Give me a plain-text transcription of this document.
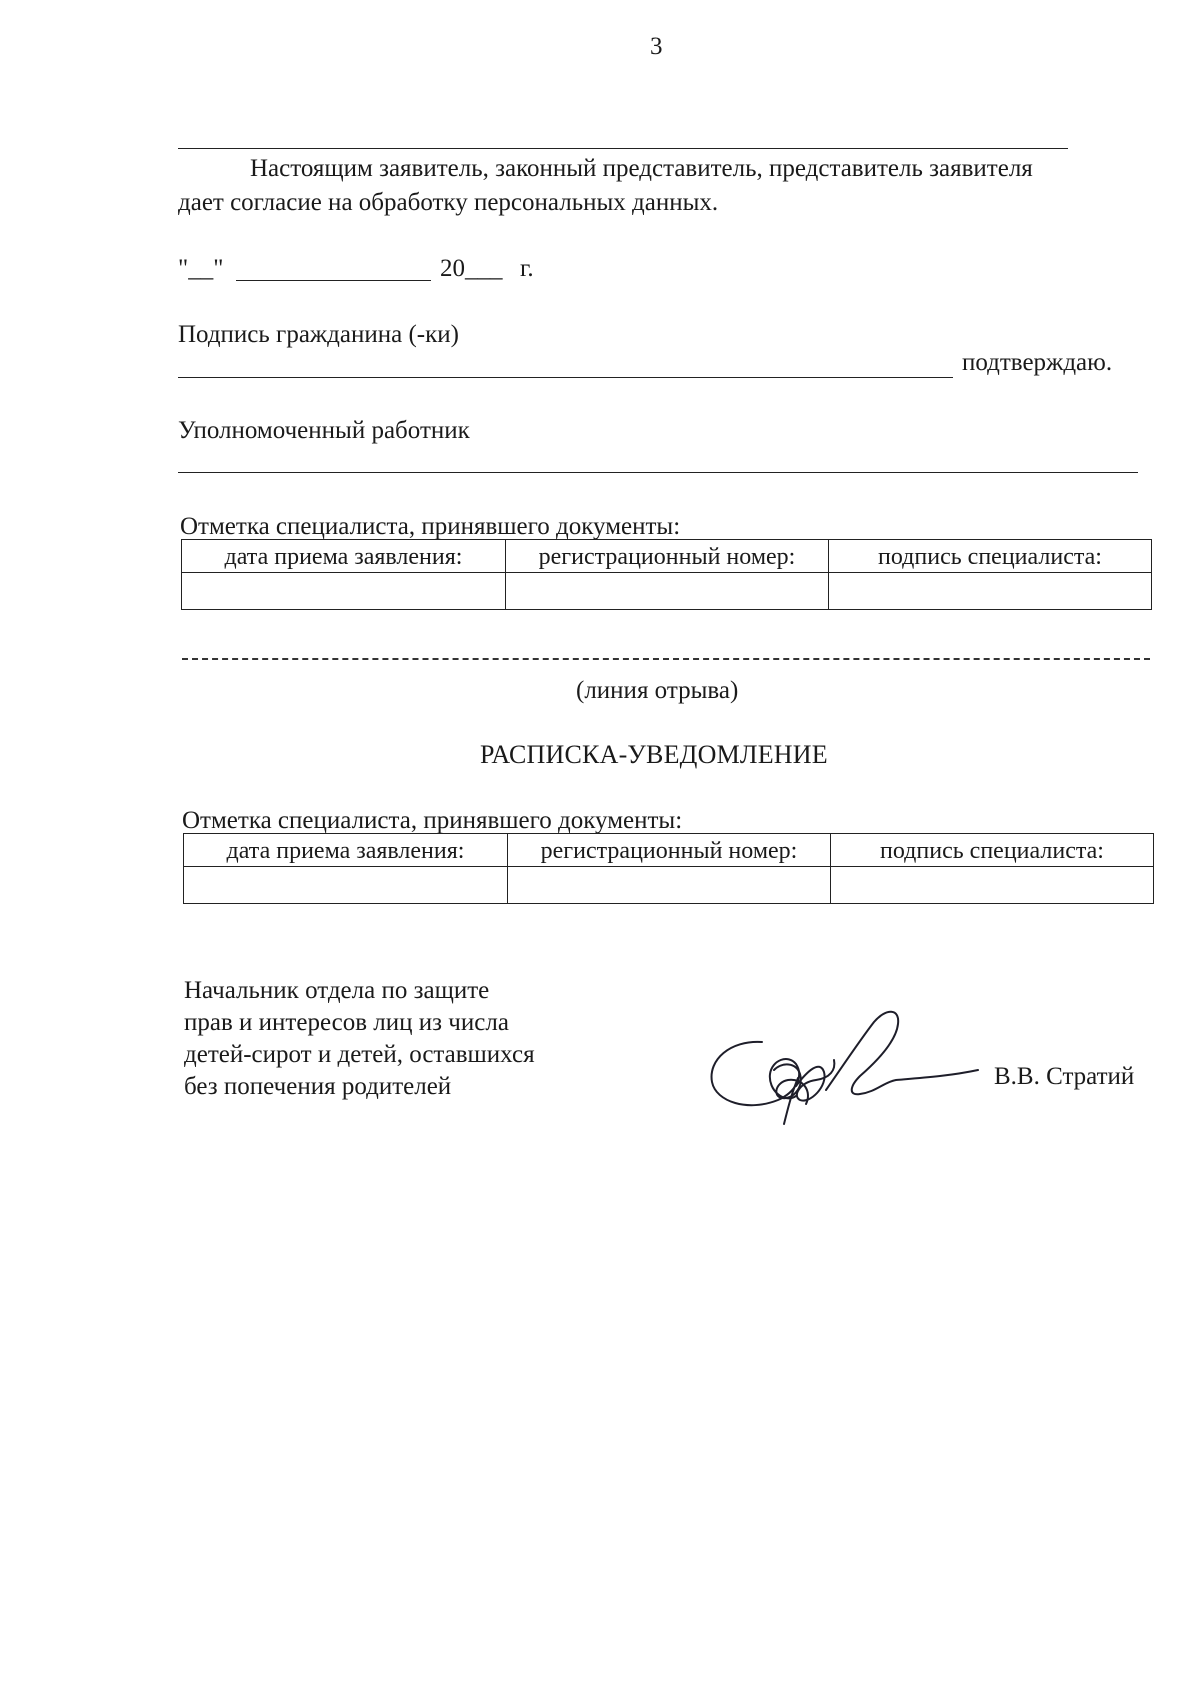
3
Настоящим заявитель, законный представитель, представитель заявителя
дает согласие на обработку персональных данных.
"__"	20___ г.
Подпись гражданина (-ки)
подтверждаю.
Уполномоченный работник
Отметка специалиста, принявшего документы:
дата приема заявления:	регистрационный номер:	подпись специалиста:

(линия отрыва)
РАСПИСКА-УВЕДОМЛЕНИЕ
Отметка специалиста, принявшего документы:
дата приема заявления:	регистрационный номер:	подпись специалиста:

Начальник отдела по защите
прав и интересов лиц из числа
детей-сирот и детей, оставшихся
без попечения родителей	В.В. Стратий
